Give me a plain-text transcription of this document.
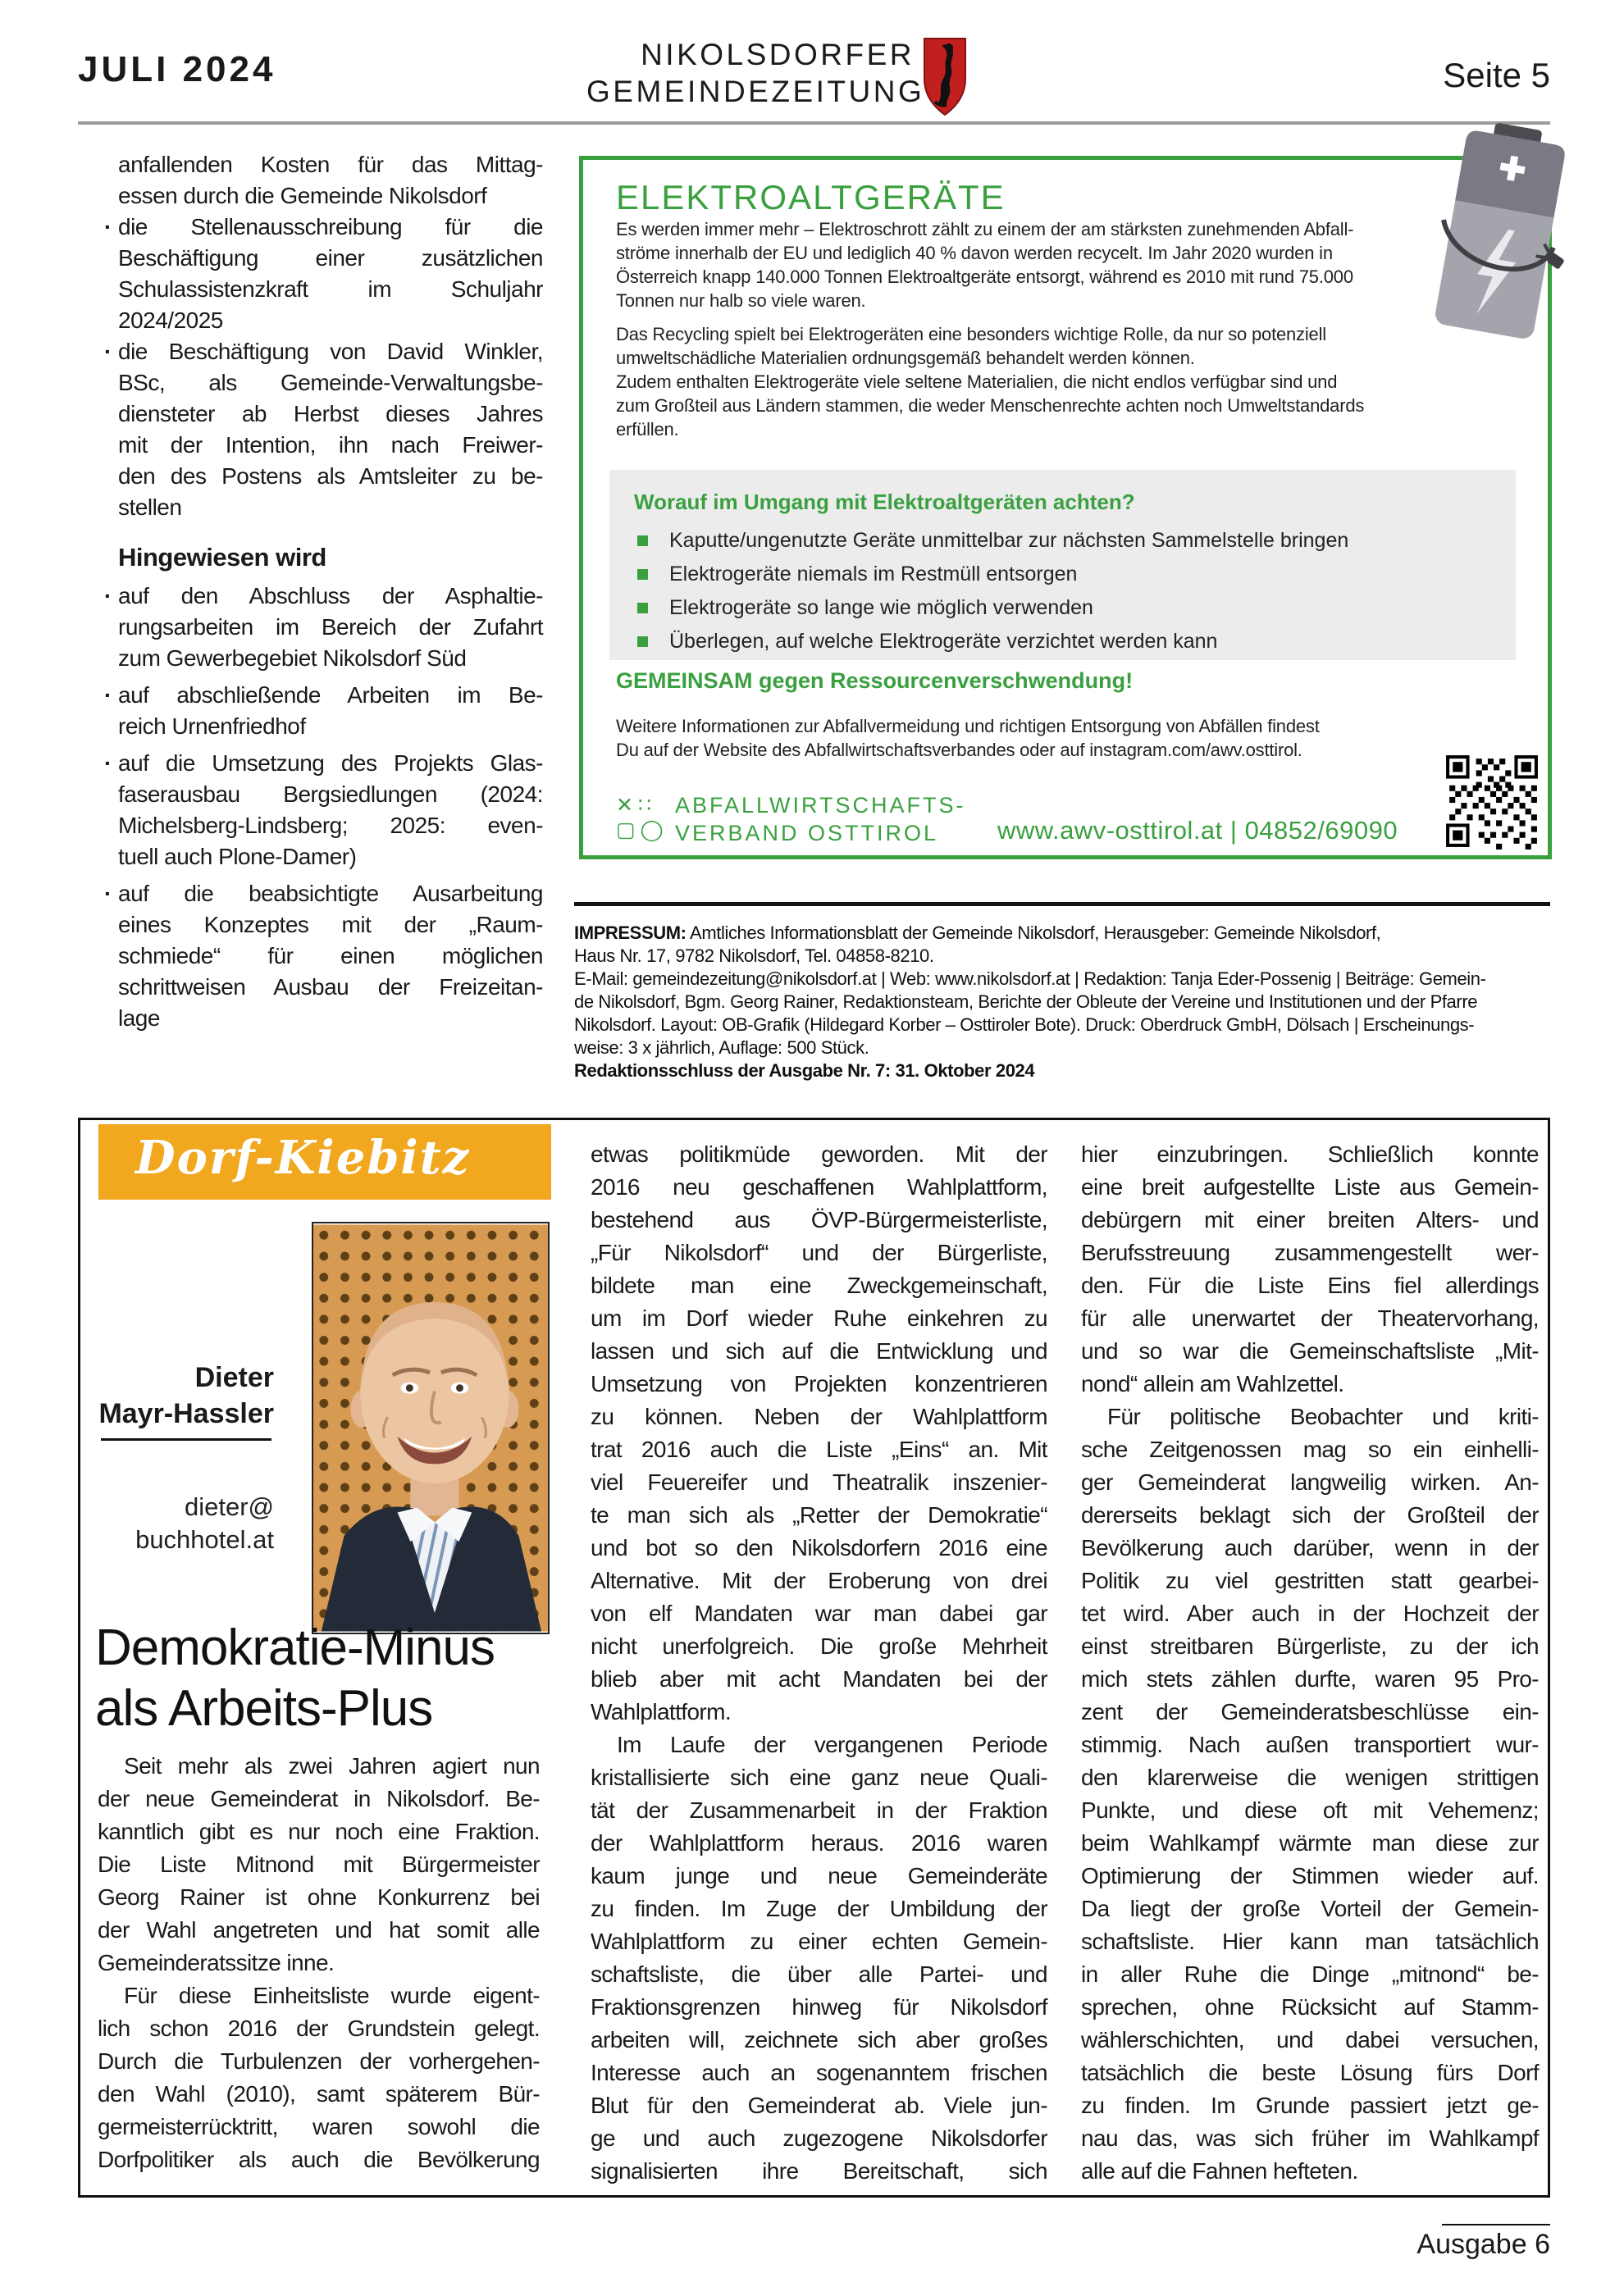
JULI 2024	NIKOLSDORFER
GEMEINDEZEITUNG	Seite 5
anfallenden Kosten für das Mittag-
essen durch die Gemeinde Nikolsdorf
· die Stellenausschreibung für die
Beschäftigung einer zusätzlichen
Schulassistenzkraft im Schuljahr
2024/2025
· die Beschäftigung von David Winkler,
BSc, als Gemeinde-Verwaltungsbe-
diensteter ab Herbst dieses Jahres
mit der Intention, ihn nach Freiwer-
den des Postens als Amtsleiter zu be-
stellen
Hingewiesen wird
· auf den Abschluss der Asphaltie-
rungsarbeiten im Bereich der Zufahrt
zum Gewerbegebiet Nikolsdorf Süd
· auf abschließende Arbeiten im Be-
reich Urnenfriedhof
· auf die Umsetzung des Projekts Glas-
faserausbau Bergsiedlungen (2024:
Michelsberg-Lindsberg; 2025: even-
tuell auch Plone-Damer)
· auf die beabsichtigte Ausarbeitung
eines Konzeptes mit der „Raum-
schmiede“ für einen möglichen
schrittweisen Ausbau der Freizeitan-
lage
ELEKTROALTGERÄTE
Es werden immer mehr – Elektroschrott zählt zu einem der am stärksten zunehmenden Abfall-
ströme innerhalb der EU und lediglich 40 % davon werden recycelt. Im Jahr 2020 wurden in
Österreich knapp 140.000 Tonnen Elektroaltgeräte entsorgt, während es 2010 mit rund 75.000
Tonnen nur halb so viele waren.
Das Recycling spielt bei Elektrogeräten eine besonders wichtige Rolle, da nur so potenziell
umweltschädliche Materialien ordnungsgemäß behandelt werden können.
Zudem enthalten Elektrogeräte viele seltene Materialien, die nicht endlos verfügbar sind und
zum Großteil aus Ländern stammen, die weder Menschenrechte achten noch Umweltstandards
erfüllen.
Worauf im Umgang mit Elektroaltgeräten achten?
Kaputte/ungenutzte Geräte unmittelbar zur nächsten Sammelstelle bringen
Elektrogeräte niemals im Restmüll entsorgen
Elektrogeräte so lange wie möglich verwenden
Überlegen, auf welche Elektrogeräte verzichtet werden kann
GEMEINSAM gegen Ressourcenverschwendung!
Weitere Informationen zur Abfallvermeidung und richtigen Entsorgung von Abfällen findest
Du auf der Website des Abfallwirtschaftsverbandes oder auf instagram.com/awv.osttirol.
✕∷
▢◯
ABFALLWIRTSCHAFTS-
VERBAND OSTTIROL	www.awv-osttirol.at | 04852/69090
IMPRESSUM: Amtliches Informationsblatt der Gemeinde Nikolsdorf, Herausgeber: Gemeinde Nikolsdorf,
Haus Nr. 17, 9782 Nikolsdorf, Tel. 04858-8210.
E-Mail: gemeindezeitung@nikolsdorf.at | Web: www.nikolsdorf.at | Redaktion: Tanja Eder-Possenig | Beiträge: Gemein-
de Nikolsdorf, Bgm. Georg Rainer, Redaktionsteam, Berichte der Obleute der Vereine und Institutionen und der Pfarre
Nikolsdorf. Layout: OB-Grafik (Hildegard Korber – Osttiroler Bote). Druck: Oberdruck GmbH, Dölsach | Erscheinungs-
weise: 3 x jährlich, Auflage: 500 Stück.
Redaktionsschluss der Ausgabe Nr. 7: 31. Oktober 2024
Dorf-Kiebitz
Dieter
Mayr-Hassler
dieter@
buchhotel.at
Demokratie-Minus
als Arbeits-Plus
Seit mehr als zwei Jahren agiert nun
der neue Gemeinderat in Nikolsdorf. Be-
kanntlich gibt es nur noch eine Fraktion.
Die Liste Mitnond mit Bürgermeister
Georg Rainer ist ohne Konkurrenz bei
der Wahl angetreten und hat somit alle
Gemeinderatssitze inne.
Für diese Einheitsliste wurde eigent-
lich schon 2016 der Grundstein gelegt.
Durch die Turbulenzen der vorhergehen-
den Wahl (2010), samt späterem Bür-
germeisterrücktritt, waren sowohl die
Dorfpolitiker als auch die Bevölkerung
etwas politikmüde geworden. Mit der
2016 neu geschaffenen Wahlplattform,
bestehend aus ÖVP-Bürgermeisterliste,
„Für Nikolsdorf“ und der Bürgerliste,
bildete man eine Zweckgemeinschaft,
um im Dorf wieder Ruhe einkehren zu
lassen und sich auf die Entwicklung und
Umsetzung von Projekten konzentrieren
zu können. Neben der Wahlplattform
trat 2016 auch die Liste „Eins“ an. Mit
viel Feuereifer und Theatralik inszenier-
te man sich als „Retter der Demokratie“
und bot so den Nikolsdorfern 2016 eine
Alternative. Mit der Eroberung von drei
von elf Mandaten war man dabei gar
nicht unerfolgreich. Die große Mehrheit
blieb aber mit acht Mandaten bei der
Wahlplattform.
Im Laufe der vergangenen Periode
kristallisierte sich eine ganz neue Quali-
tät der Zusammenarbeit in der Fraktion
der Wahlplattform heraus. 2016 waren
kaum junge und neue Gemeinderäte
zu finden. Im Zuge der Umbildung der
Wahlplattform zu einer echten Gemein-
schaftsliste, die über alle Partei- und
Fraktionsgrenzen hinweg für Nikolsdorf
arbeiten will, zeichnete sich aber großes
Interesse auch an sogenanntem frischen
Blut für den Gemeinderat ab. Viele jun-
ge und auch zugezogene Nikolsdorfer
signalisierten ihre Bereitschaft, sich
hier einzubringen. Schließlich konnte
eine breit aufgestellte Liste aus Gemein-
debürgern mit einer breiten Alters- und
Berufsstreuung zusammengestellt wer-
den. Für die Liste Eins fiel allerdings
für alle unerwartet der Theatervorhang,
und so war die Gemeinschaftsliste „Mit-
nond“ allein am Wahlzettel.
Für politische Beobachter und kriti-
sche Zeitgenossen mag so ein einhelli-
ger Gemeinderat langweilig wirken. An-
dererseits beklagt sich der Großteil der
Bevölkerung auch darüber, wenn in der
Politik zu viel gestritten statt gearbei-
tet wird. Aber auch in der Hochzeit der
einst streitbaren Bürgerliste, zu der ich
mich stets zählen durfte, waren 95 Pro-
zent der Gemeinderatsbeschlüsse ein-
stimmig. Nach außen transportiert wur-
den klarerweise die wenigen strittigen
Punkte, und diese oft mit Vehemenz;
beim Wahlkampf wärmte man diese zur
Optimierung der Stimmen wieder auf.
Da liegt der große Vorteil der Gemein-
schaftsliste. Hier kann man tatsächlich
in aller Ruhe die Dinge „mitnond“ be-
sprechen, ohne Rücksicht auf Stamm-
wählerschichten, und dabei versuchen,
tatsächlich die beste Lösung fürs Dorf
zu finden. Im Grunde passiert jetzt ge-
nau das, was sich früher im Wahlkampf
alle auf die Fahnen hefteten.
Ausgabe 6
